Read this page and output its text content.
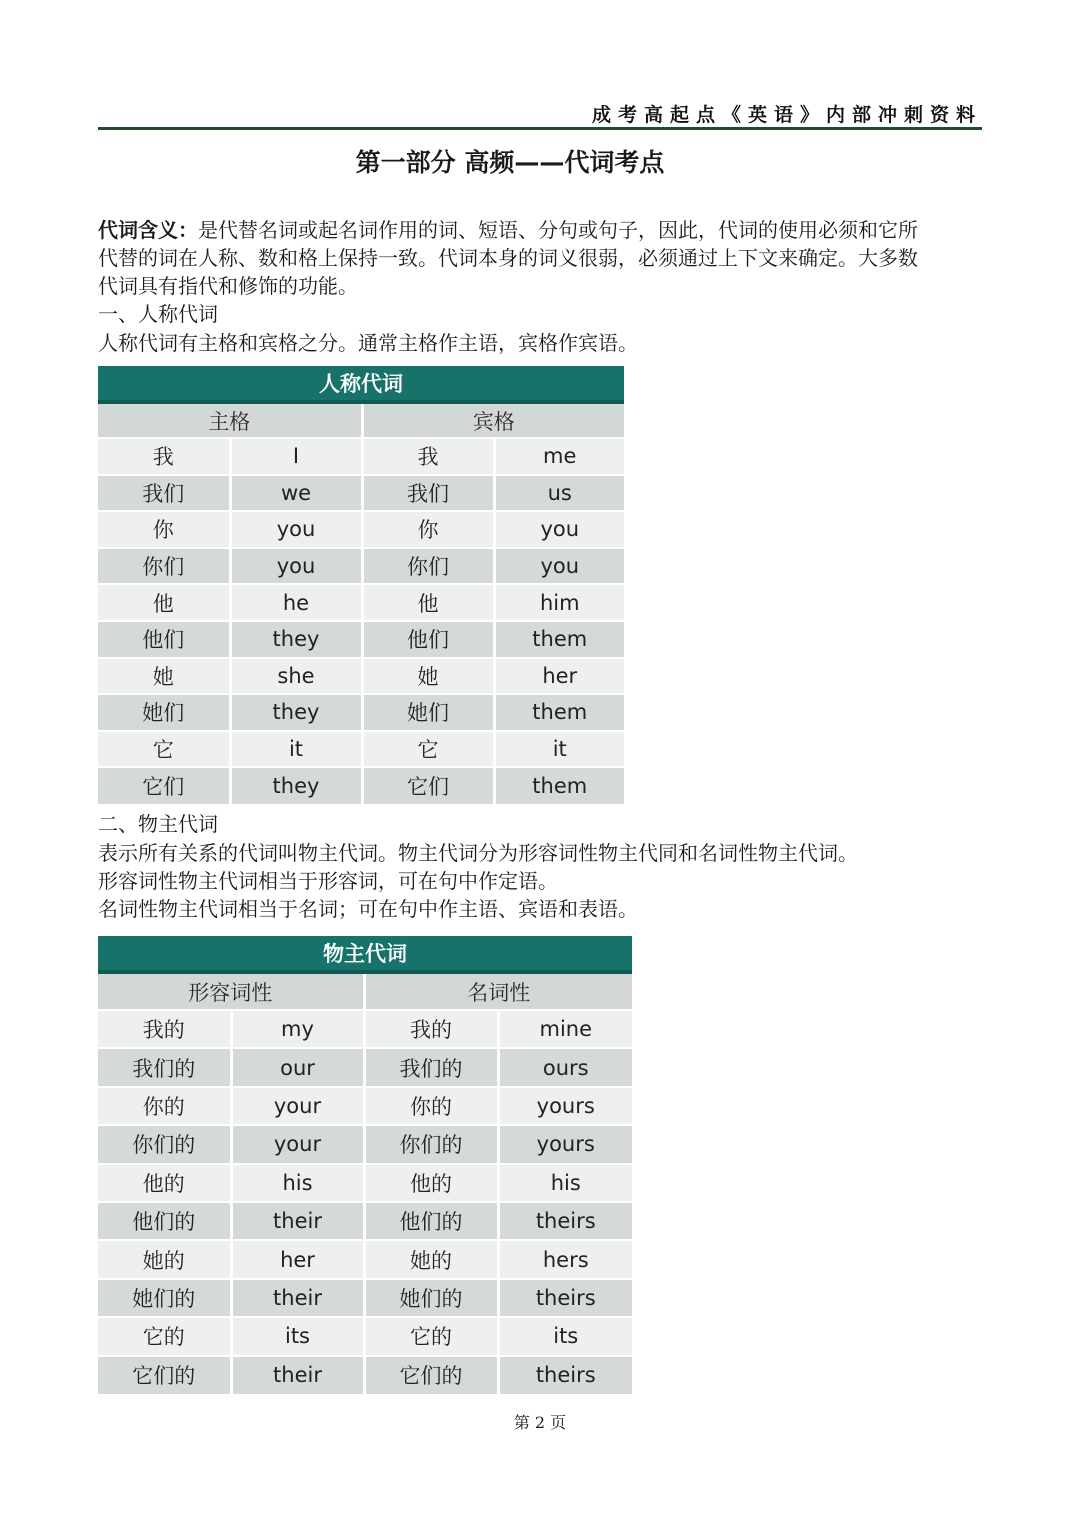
成考高起点《英语》内部冲刺资料
第一部分 高频——代词考点
代词含义：是代替名词或起名词作用的词、短语、分句或句子，因此，代词的使用必须和它所
代替的词在人称、数和格上保持一致。代词本身的词义很弱，必须通过上下文来确定。大多数
代词具有指代和修饰的功能。
一、人称代词
人称代词有主格和宾格之分。通常主格作主语，宾格作宾语。
人称代词			
主格		宾格	
我	I	我	me
我们	we	我们	us
你	you	你	you
你们	you	你们	you
他	he	他	him
他们	they	他们	them
她	she	她	her
她们	they	她们	them
它	it	它	it
它们	they	它们	them
二、物主代词
表示所有关系的代词叫物主代词。物主代词分为形容词性物主代同和名词性物主代词。
形容词性物主代词相当于形容词，可在句中作定语。
名词性物主代词相当于名词；可在句中作主语、宾语和表语。
物主代词			
形容词性		名词性	
我的	my	我的	mine
我们的	our	我们的	ours
你的	your	你的	yours
你们的	your	你们的	yours
他的	his	他的	his
他们的	their	他们的	theirs
她的	her	她的	hers
她们的	their	她们的	theirs
它的	its	它的	its
它们的	their	它们的	theirs
第 2 页
